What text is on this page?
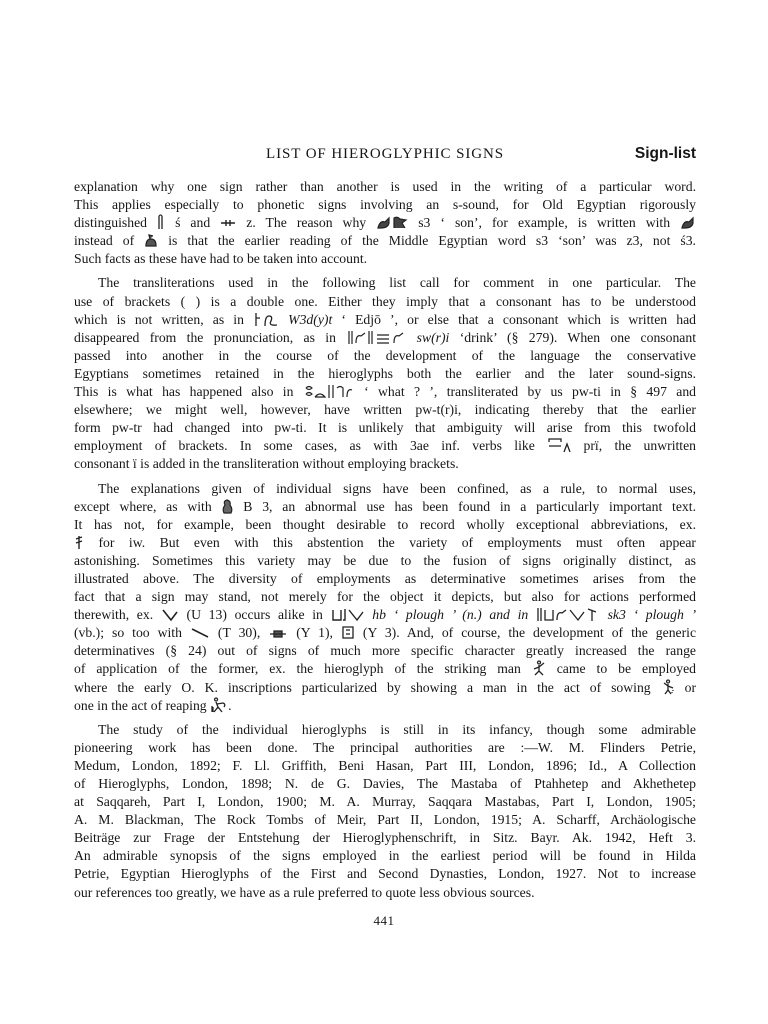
LIST OF HIEROGLYPHIC SIGNS	Sign-list
explanation why one sign rather than another is used in the writing of a particular word.
This applies especially to phonetic signs involving an s-sound, for Old Egyptian rigorously
distinguished ś and	z. The reason why	s3 ‘ son’, for example, is written with
instead of is that the earlier reading of the Middle Egyptian word s3 ‘son’ was z3, not ś3.
Such facts as these have had to be taken into account.
The transliterations used in the following list call for comment in one particular. The
use of brackets ( ) is a double one. Either they imply that a consonant has to be understood
which is not written, as in	W3d(y)t ‘ Edjō ’, or else that a consonant which is written had
disappeared from the pronunciation, as in	sw(r)i ‘drink’ (§ 279). When one consonant
passed into another in the course of the development of the language the conservative
Egyptians sometimes retained in the hieroglyphs both the earlier and the later sound-signs.
This is what has happened also in	‘ what ? ’, transliterated by us pw-ti in § 497 and
elsewhere; we might well, however, have written pw-t(r)i, indicating thereby that the earlier
form pw-tr had changed into pw-ti. It is unlikely that ambiguity will arise from this twofold
employment of brackets. In some cases, as with 3ae inf. verbs like	prï, the unwritten
consonant ï is added in the transliteration without employing brackets.
The explanations given of individual signs have been confined, as a rule, to normal uses,
except where, as with B 3, an abnormal use has been found in a particularly important text.
It has not, for example, been thought desirable to record wholly exceptional abbreviations, ex.
for iw. But even with this abstention the variety of employments must often appear
astonishing. Sometimes this variety may be due to the fusion of signs originally distinct, as
illustrated above. The diversity of employments as determinative sometimes arises from the
fact that a sign may stand, not merely for the object it depicts, but also for actions performed
therewith, ex. (U 13) occurs alike in	hb ‘ plough ’ (n.) and in	sk3 ‘ plough ’
(vb.); so too with	(T 30),	(Y 1), (Y 3). And, of course, the development of the generic
determinatives (§ 24) out of signs of much more specific character greatly increased the range
of application of the former, ex. the hieroglyph of the striking man	came to be employed
where the early O. K. inscriptions particularized by showing a man in the act of sowing or
one in the act of reaping .
The study of the individual hieroglyphs is still in its infancy, though some admirable
pioneering work has been done. The principal authorities are :—W. M. Flinders Petrie,
Medum, London, 1892; F. Ll. Griffith, Beni Hasan, Part III, London, 1896; Id., A Collection
of Hieroglyphs, London, 1898; N. de G. Davies, The Mastaba of Ptahhetep and Akhethetep
at Saqqareh, Part I, London, 1900; M. A. Murray, Saqqara Mastabas, Part I, London, 1905;
A. M. Blackman, The Rock Tombs of Meir, Part II, London, 1915; A. Scharff, Archäologische
Beiträge zur Frage der Entstehung der Hieroglyphenschrift, in Sitz. Bayr. Ak. 1942, Heft 3.
An admirable synopsis of the signs employed in the earliest period will be found in Hilda
Petrie, Egyptian Hieroglyphs of the First and Second Dynasties, London, 1927. Not to increase
our references too greatly, we have as a rule preferred to quote less obvious sources.
441
